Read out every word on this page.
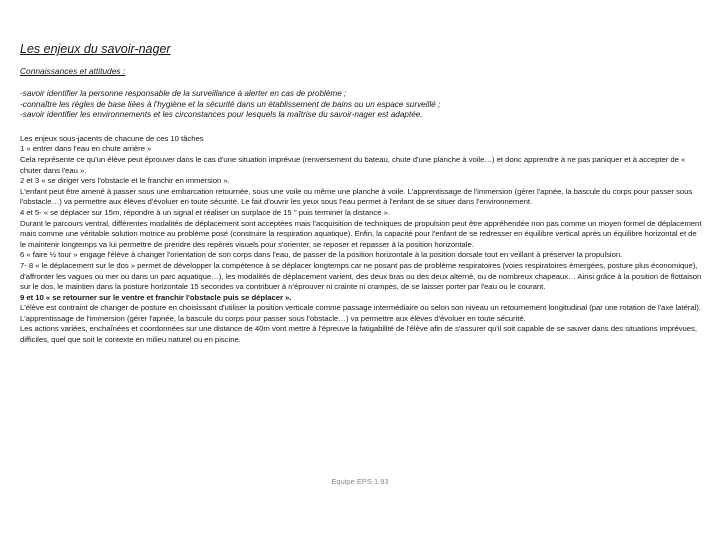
Les enjeux du savoir-nager
Connaissances et attitudes :

-savoir identifier la personne responsable de la surveillance à alerter en cas de problème ;

-connaître les règles de base liées à l'hygiène et la sécurité dans un établissement de bains ou un espace surveillé ;

-savoir identifier les environnements et les circonstances pour lesquels la maîtrise du savoir-nager est adaptée.

Les enjeux sous-jacents de chacune de ces 10 tâches

1 « entrer dans l'eau en chute arrière »

Cela représente ce qu'un élève peut éprouver dans le cas d'une situation imprévue (renversement du bateau, chute d'une planche à voile…) et donc apprendre à ne pas paniquer et à accepter de « chuter dans l'eau ».

2 et 3 « se diriger vers l'obstacle et le franchir en immersion ».

L'enfant peut être amené à passer sous une embarcation retournée, sous une voile ou même une planche à voile. L'apprentissage de l'immersion (gérer l'apnée, la bascule du corps pour passer sous l'obstacle…) va permettre aux élèves d'évoluer en toute sécurité. Le fait d'ouvrir les yeux sous l'eau permet à l'enfant de se situer dans l'environnement.

4 et 5- « se déplacer sur 15m, répondre à un signal et réaliser un surplace de 15 '' puis terminer la distance ».

Durant le parcours ventral, différentes modalités de déplacement sont acceptées mais l'acquisition de techniques de propulsion peut être appréhendée non pas comme un moyen formel de déplacement mais comme une véritable solution motrice au problème posé (construire la respiration aquatique). Enfin, la capacité pour l'enfant de se redresser en équilibre vertical après un équilibre horizontal et de le maintenir longtemps va lui permettre de prendre des repères visuels pour s'orienter, se reposer et repasser à la position horizontale.

6 « faire ½ tour » engage l'élève à changer l'orientation de son corps dans l'eau, de passer de la position horizontale à la position dorsale tout en veillant à préserver la propulsion.

7- 8 « le déplacement sur le dos » permet de développer la compétence à se déplacer longtemps car ne posant pas de problème respiratoires (voies respiratoires émergées, posture plus économique), d'affronter les vagues ou mer ou dans un parc aquatique…), les modalités de déplacement varient, des deux bras ou des deux alterné, ou de nombreux chapeaux… Ainsi grâce à la position de flottaison sur le dos, le maintien dans la posture horizontale 15 secondes va contribuer à n'éprouver ni crainte ni crampes, de se laisser porter par l'eau ou le courant.

9 et 10 « se retourner sur le ventre et franchir l'obstacle puis se déplacer ».

L'élève est contraint de changer de posture en choisissant d'utiliser la position verticale comme passage intermédiaire ou selon son niveau un retournement longitudinal (par une rotation de l'axe latéral). L'apprentissage de l'immersion (gérer l'apnée, la bascule du corps pour passer sous l'obstacle…) va permettre aux élèves d'évoluer en toute sécurité.

Les actions variées, enchaînées et coordonnées sur une distance de 40m vont mettre à l'épreuve la fatigabilité de l'élève afin de s'assurer qu'il soit capable de se sauver dans des situations imprévues, difficiles, quel que soit le contexte en milieu naturel ou en piscine.

Equipe EPS 1 93
